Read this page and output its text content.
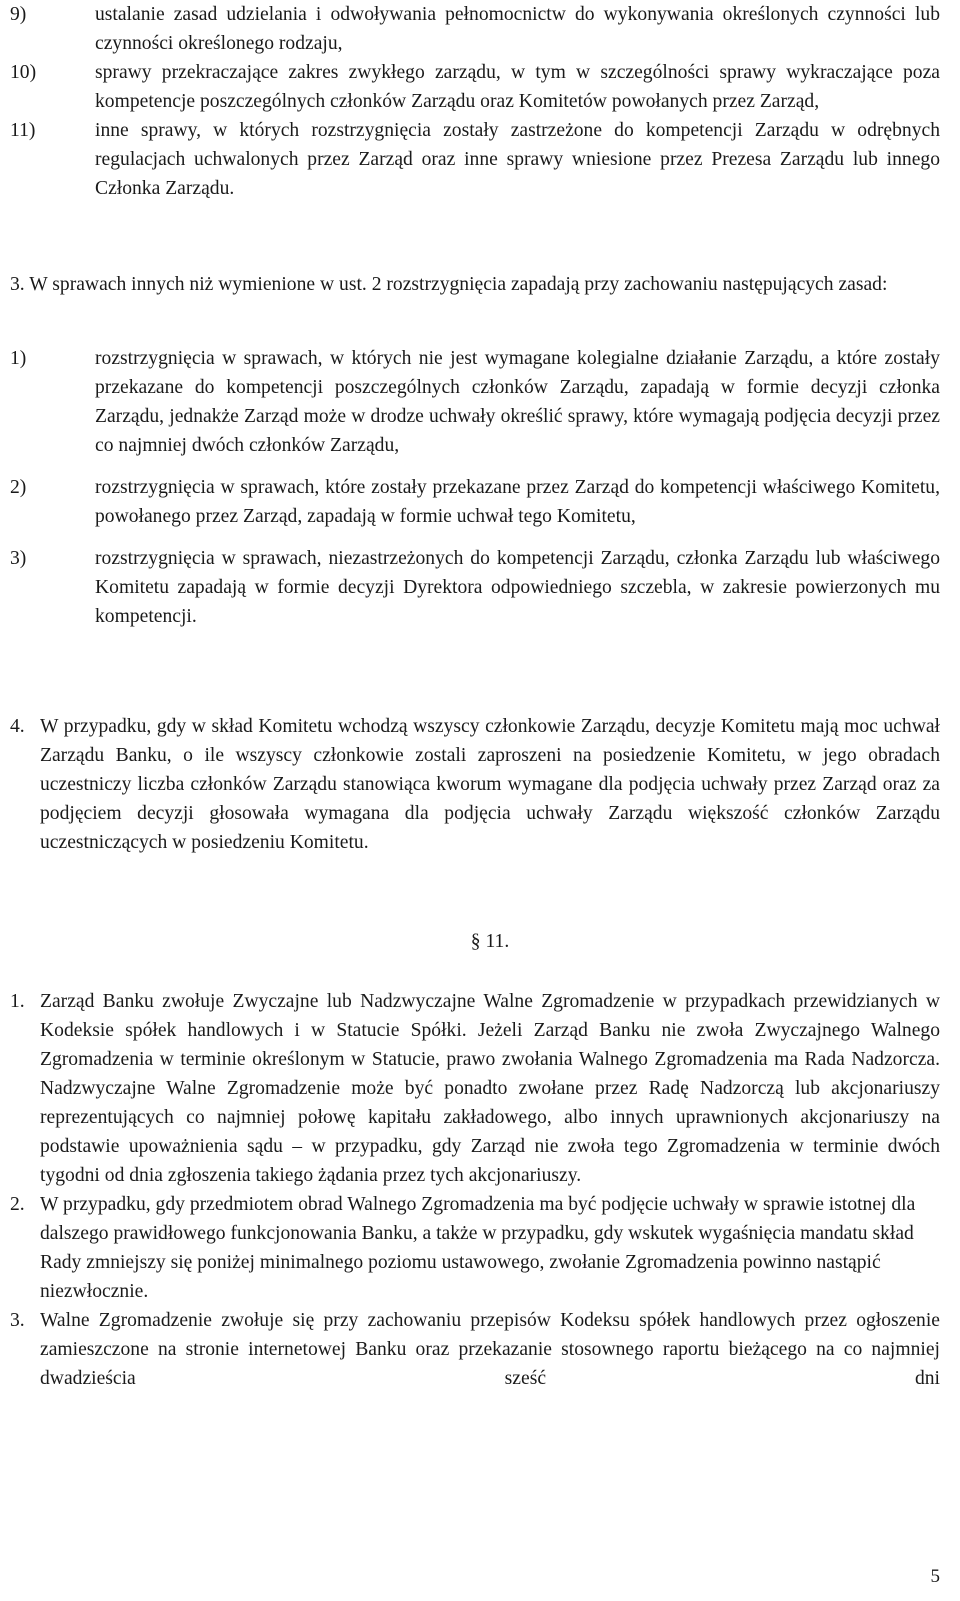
9)	ustalanie zasad udzielania i odwoływania pełnomocnictw do wykonywania określonych czynności lub czynności określonego rodzaju,
10)	sprawy przekraczające zakres zwykłego zarządu, w tym w szczególności sprawy wykraczające poza kompetencje poszczególnych członków Zarządu oraz Komitetów powołanych przez Zarząd,
11)	inne sprawy, w których rozstrzygnięcia zostały zastrzeżone do kompetencji Zarządu w odrębnych regulacjach uchwalonych przez Zarząd oraz inne sprawy wniesione przez Prezesa Zarządu lub innego Członka Zarządu.

3. W sprawach innych niż wymienione w ust. 2 rozstrzygnięcia zapadają przy zachowaniu następujących zasad:

1)	rozstrzygnięcia w sprawach, w których nie jest wymagane kolegialne działanie Zarządu, a które zostały przekazane do kompetencji poszczególnych członków Zarządu, zapadają w formie decyzji członka Zarządu, jednakże Zarząd może w drodze uchwały określić sprawy, które wymagają podjęcia decyzji przez co najmniej dwóch członków Zarządu,
2)	rozstrzygnięcia w sprawach, które zostały przekazane przez Zarząd do kompetencji właściwego Komitetu, powołanego przez Zarząd, zapadają w formie uchwał tego Komitetu,
3)	rozstrzygnięcia w sprawach, niezastrzeżonych do kompetencji Zarządu, członka Zarządu lub właściwego Komitetu zapadają w formie decyzji Dyrektora odpowiedniego szczebla, w zakresie powierzonych mu kompetencji.
4. W przypadku, gdy w skład Komitetu wchodzą wszyscy członkowie Zarządu, decyzje Komitetu mają moc uchwał Zarządu Banku, o ile wszyscy członkowie zostali zaproszeni na posiedzenie Komitetu, w jego obradach uczestniczy liczba członków Zarządu stanowiąca kworum wymagane dla podjęcia uchwały przez Zarząd oraz za podjęciem decyzji głosowała wymagana dla podjęcia uchwały Zarządu większość członków Zarządu uczestniczących w posiedzeniu Komitetu.

§ 11.

1. Zarząd Banku zwołuje Zwyczajne lub Nadzwyczajne Walne Zgromadzenie w przypadkach przewidzianych w Kodeksie spółek handlowych i w Statucie Spółki. Jeżeli Zarząd Banku nie zwoła Zwyczajnego Walnego Zgromadzenia w terminie określonym w Statucie, prawo zwołania Walnego Zgromadzenia ma Rada Nadzorcza. Nadzwyczajne Walne Zgromadzenie może być ponadto zwołane przez Radę Nadzorczą lub akcjonariuszy reprezentujących co najmniej połowę kapitału zakładowego, albo innych uprawnionych akcjonariuszy na podstawie upoważnienia sądu – w przypadku, gdy Zarząd nie zwoła tego Zgromadzenia w terminie dwóch tygodni od dnia zgłoszenia takiego żądania przez tych akcjonariuszy.
2. W przypadku, gdy przedmiotem obrad Walnego Zgromadzenia ma być podjęcie uchwały w sprawie istotnej dla dalszego prawidłowego funkcjonowania Banku, a także w przypadku, gdy wskutek wygaśnięcia mandatu skład Rady zmniejszy się poniżej minimalnego poziomu ustawowego, zwołanie Zgromadzenia powinno nastąpić niezwłocznie.
3. Walne Zgromadzenie zwołuje się przy zachowaniu przepisów Kodeksu spółek handlowych przez ogłoszenie zamieszczone na stronie internetowej Banku oraz przekazanie stosownego raportu bieżącego na co najmniej dwadzieścia sześć dni
5
